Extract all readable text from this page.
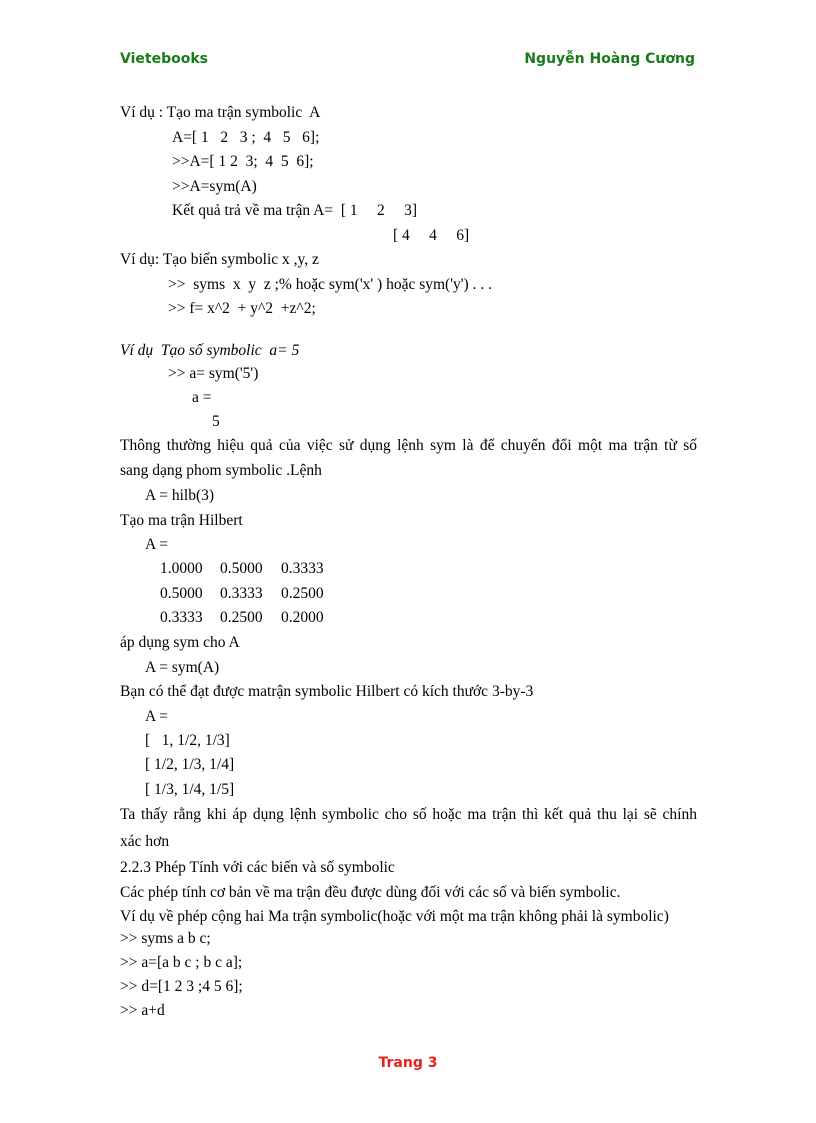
Vietebooks	Nguyễn Hoàng Cương
Ví dụ : Tạo ma trận symbolic  A
A=[ 1   2   3 ;  4   5   6];
>>A=[ 1 2  3;  4  5  6];
>>A=sym(A)
Kết quả trả về ma trận A=  [ 1     2     3]
[ 4     4     6]
Ví dụ: Tạo biến symbolic x ,y, z
>>  syms  x  y  z ;% hoặc sym('x' ) hoặc sym('y') . . .
>> f= x^2  + y^2  +z^2;
Ví dụ  Tạo số symbolic  a= 5
>> a= sym('5')
a =
5
Thông thường hiệu quả của việc sử dụng lệnh sym là để chuyển đổi một ma trận từ số
sang dạng phom symbolic .Lệnh
A = hilb(3)
Tạo ma trận Hilbert
A =
1.0000 0.5000 0.3333
0.5000 0.3333 0.2500
0.3333 0.2500 0.2000
áp dụng sym cho A
A = sym(A)
Bạn có thể đạt được matrận symbolic Hilbert có kích thước 3-by-3
A =
[   1, 1/2, 1/3]
[ 1/2, 1/3, 1/4]
[ 1/3, 1/4, 1/5]
Ta thấy rằng khi áp dụng lệnh symbolic cho số hoặc ma trận thì kết quả thu lại sẽ chính
xác hơn
2.2.3 Phép Tính với các biến và số symbolic
Các phép tính cơ bản về ma trận đều được dùng đối với các số và biến symbolic.
Ví dụ về phép cộng hai Ma trận symbolic(hoặc với một ma trận không phải là symbolic)
>> syms a b c;
>> a=[a b c ; b c a];
>> d=[1 2 3 ;4 5 6];
>> a+d
Trang 3
